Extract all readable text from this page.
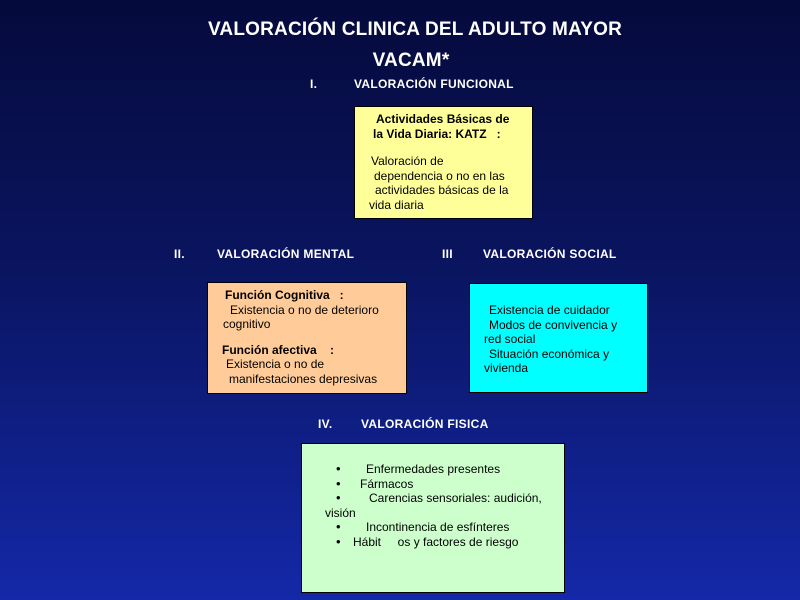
VALORACIÓN CLINICA DEL ADULTO MAYOR
VACAM*
I.	VALORACIÓN FUNCIONAL
Actividades Básicas de
la Vida Diaria: KATZ   :
Valoración de
dependencia o no en las
actividades básicas de la
vida diaria
II.	VALORACIÓN MENTAL
Función Cognitiva   :
Existencia o no de deterioro
cognitivo
Función afectiva    :
Existencia o no de
manifestaciones depresivas
III	VALORACIÓN SOCIAL
Existencia de cuidador
Modos de convivencia y
red social
Situación económica y
vivienda
IV. VALORACIÓN FISICA
• Enfermedades presentes
• Fármacos
• Carencias sensoriales: audición,
visión
• Incontinencia de esfínteres
• Hábit     os y factores de riesgo
